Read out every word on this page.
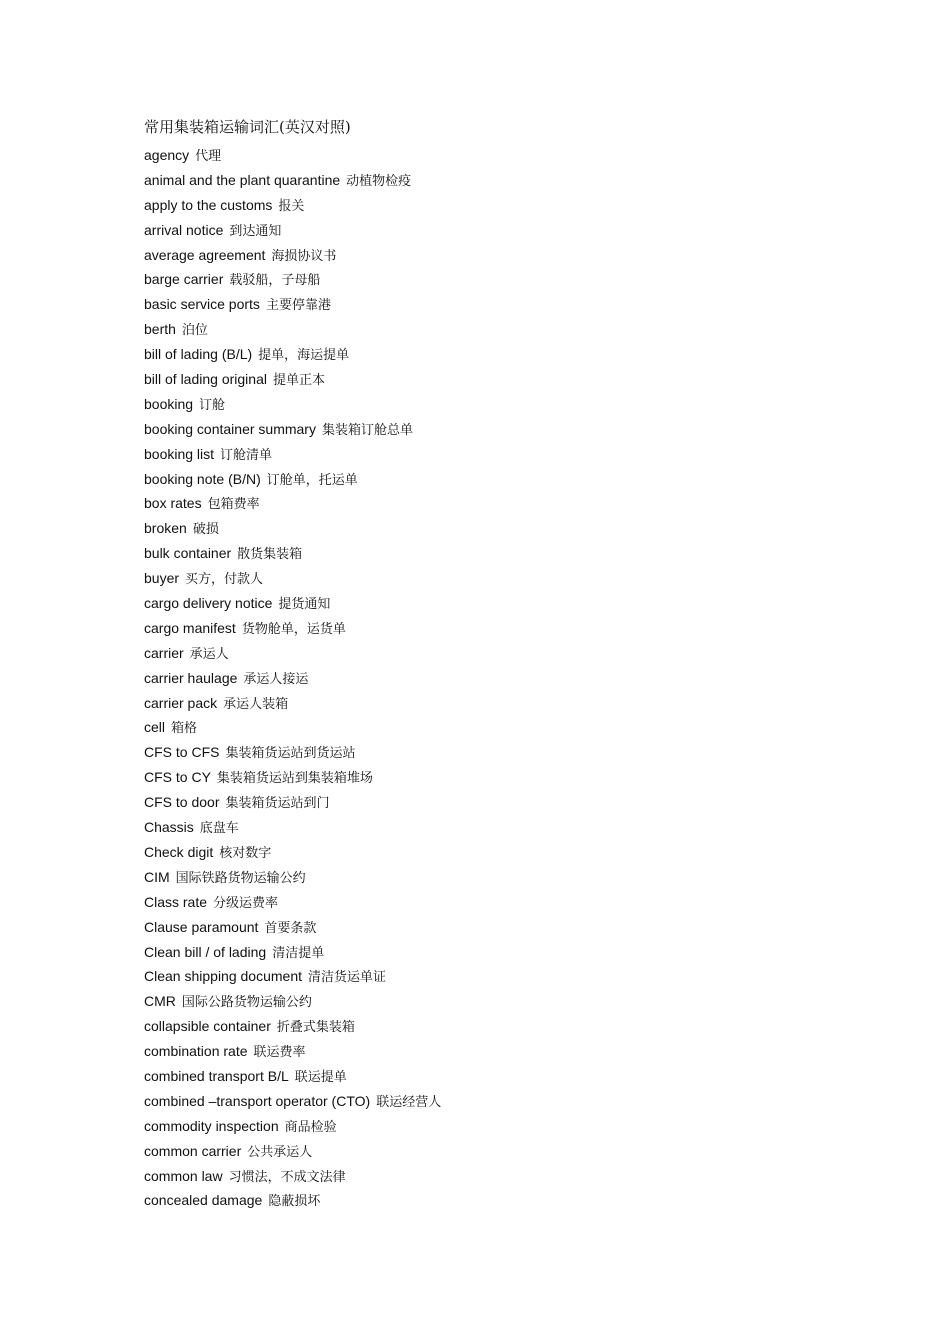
常用集装箱运输词汇(英汉对照)
agency 代理
animal and the plant quarantine 动植物检疫
apply to the customs 报关
arrival notice 到达通知
average agreement 海损协议书
barge carrier 载驳船，子母船
basic service ports 主要停靠港
berth 泊位
bill of lading (B/L) 提单，海运提单
bill of lading original 提单正本
booking 订舱
booking container summary 集装箱订舱总单
booking list 订舱清单
booking note (B/N) 订舱单，托运单
box rates 包箱费率
broken 破损
bulk container 散货集装箱
buyer 买方，付款人
cargo delivery notice 提货通知
cargo manifest 货物舱单，运货单
carrier 承运人
carrier haulage 承运人接运
carrier pack 承运人装箱
cell 箱格
CFS to CFS 集装箱货运站到货运站
CFS to CY 集装箱货运站到集装箱堆场
CFS to door 集装箱货运站到门
Chassis 底盘车
Check digit 核对数字
CIM 国际铁路货物运输公约
Class rate 分级运费率
Clause paramount 首要条款
Clean bill / of lading 清洁提单
Clean shipping document 清洁货运单证
CMR 国际公路货物运输公约
collapsible container 折叠式集装箱
combination rate 联运费率
combined transport B/L 联运提单
combined –transport operator (CTO) 联运经营人
commodity inspection 商品检验
common carrier 公共承运人
common law 习惯法，不成文法律
concealed damage 隐蔽损坏
